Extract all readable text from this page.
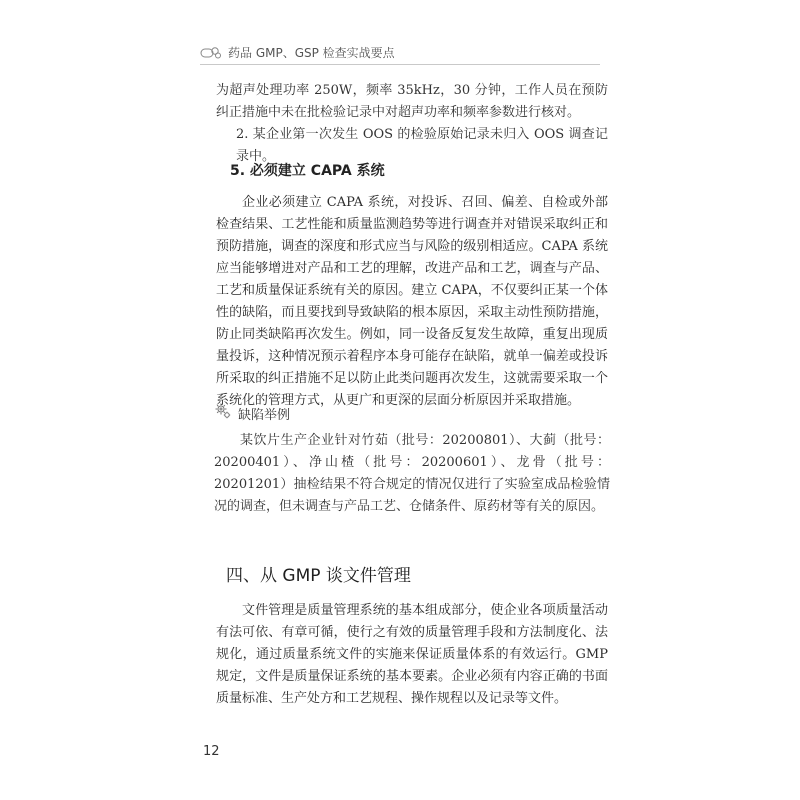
药品 GMP、GSP 检查实战要点

为超声处理功率 250W，频率 35kHz，30 分钟，工作人员在预防纠正措施中未在批检验记录中对超声功率和频率参数进行核对。

2. 某企业第一次发生 OOS 的检验原始记录未归入 OOS 调查记录中。

5. 必须建立 CAPA 系统

企业必须建立 CAPA 系统，对投诉、召回、偏差、自检或外部检查结果、工艺性能和质量监测趋势等进行调查并对错误采取纠正和预防措施，调查的深度和形式应当与风险的级别相适应。CAPA 系统应当能够增进对产品和工艺的理解，改进产品和工艺，调查与产品、工艺和质量保证系统有关的原因。建立 CAPA，不仅要纠正某一个体性的缺陷，而且要找到导致缺陷的根本原因，采取主动性预防措施，防止同类缺陷再次发生。例如，同一设备反复发生故障，重复出现质量投诉，这种情况预示着程序本身可能存在缺陷，就单一偏差或投诉所采取的纠正措施不足以防止此类问题再次发生，这就需要采取一个系统化的管理方式，从更广和更深的层面分析原因并采取措施。

缺陷举例

某饮片生产企业针对竹茹（批号：20200801）、大蓟（批号：20200401）、净山楂（批号：20200601）、龙骨（批号：20201201）抽检结果不符合规定的情况仅进行了实验室成品检验情况的调查，但未调查与产品工艺、仓储条件、原药材等有关的原因。

四、从 GMP 谈文件管理

文件管理是质量管理系统的基本组成部分，使企业各项质量活动有法可依、有章可循，使行之有效的质量管理手段和方法制度化、法规化，通过质量系统文件的实施来保证质量体系的有效运行。GMP 规定，文件是质量保证系统的基本要素。企业必须有内容正确的书面质量标准、生产处方和工艺规程、操作规程以及记录等文件。

12
